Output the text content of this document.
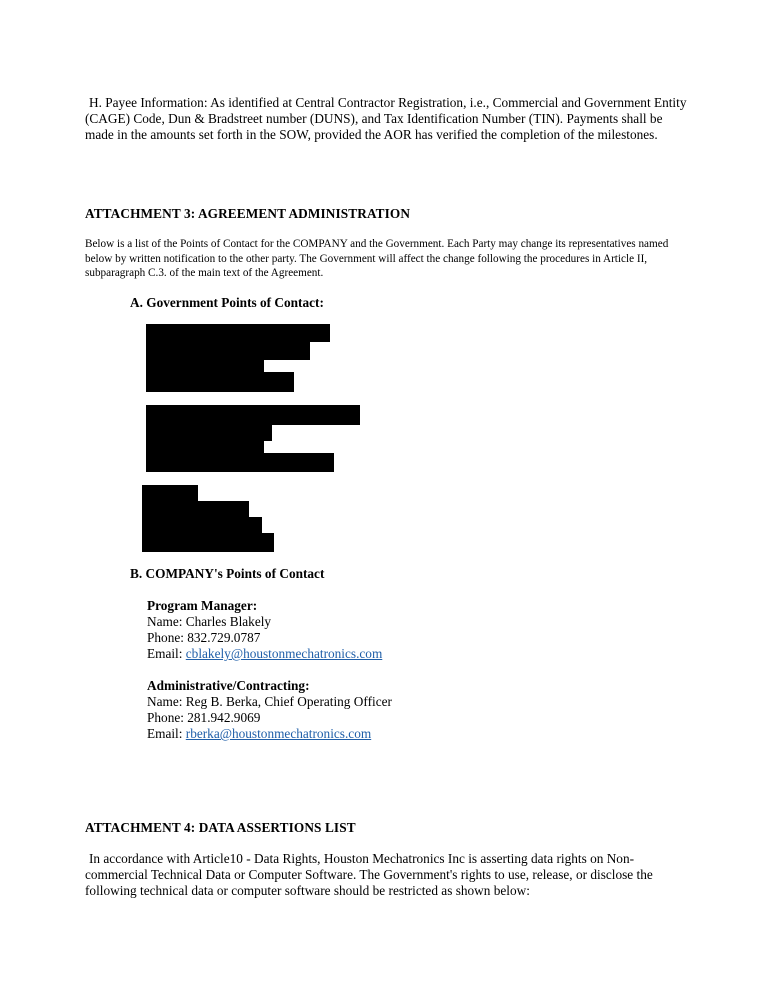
H. Payee Information: As identified at Central Contractor Registration, i.e., Commercial and Government Entity (CAGE) Code, Dun & Bradstreet number (DUNS), and Tax Identification Number (TIN). Payments shall be made in the amounts set forth in the SOW, provided the AOR has verified the completion of the milestones.
ATTACHMENT 3: AGREEMENT ADMINISTRATION
Below is a list of the Points of Contact for the COMPANY and the Government. Each Party may change its representatives named below by written notification to the other party. The Government will affect the change following the procedures in Article II, subparagraph C.3. of the main text of the Agreement.
A. Government Points of Contact:
B. COMPANY's Points of Contact
Program Manager:
Name: Charles Blakely
Phone: 832.729.0787
Email: cblakely@houstonmechatronics.com
Administrative/Contracting:
Name: Reg B. Berka, Chief Operating Officer
Phone: 281.942.9069
Email: rberka@houstonmechatronics.com
ATTACHMENT 4: DATA ASSERTIONS LIST
In accordance with Article10 - Data Rights, Houston Mechatronics Inc is asserting data rights on Non-commercial Technical Data or Computer Software. The Government's rights to use, release, or disclose the following technical data or computer software should be restricted as shown below:
